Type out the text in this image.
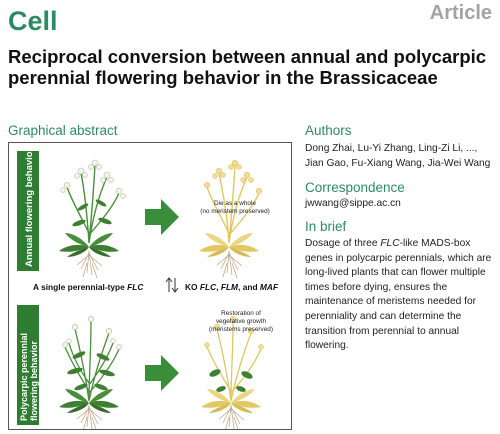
Cell	Article
Reciprocal conversion between annual and polycarpic perennial flowering behavior in the Brassicaceae
Graphical abstract
Annual flowering behavior
Polycarpic perennial flowering behavior
Die as a whole
(no meristem preserved)
A single perennial-type FLC	KO FLC, FLM, and MAF
Restoration of
vegetative growth
(meristems preserved)
Authors
Dong Zhai, Lu-Yi Zhang, Ling-Zi Li, ...,
Jian Gao, Fu-Xiang Wang, Jia-Wei Wang
Correspondence
jwwang@sippe.ac.cn
In brief
Dosage of three FLC-like MADS-box
genes in polycarpic perennials, which are
long-lived plants that can flower multiple
times before dying, ensures the
maintenance of meristems needed for
perenniality and can determine the
transition from perennial to annual
flowering.
